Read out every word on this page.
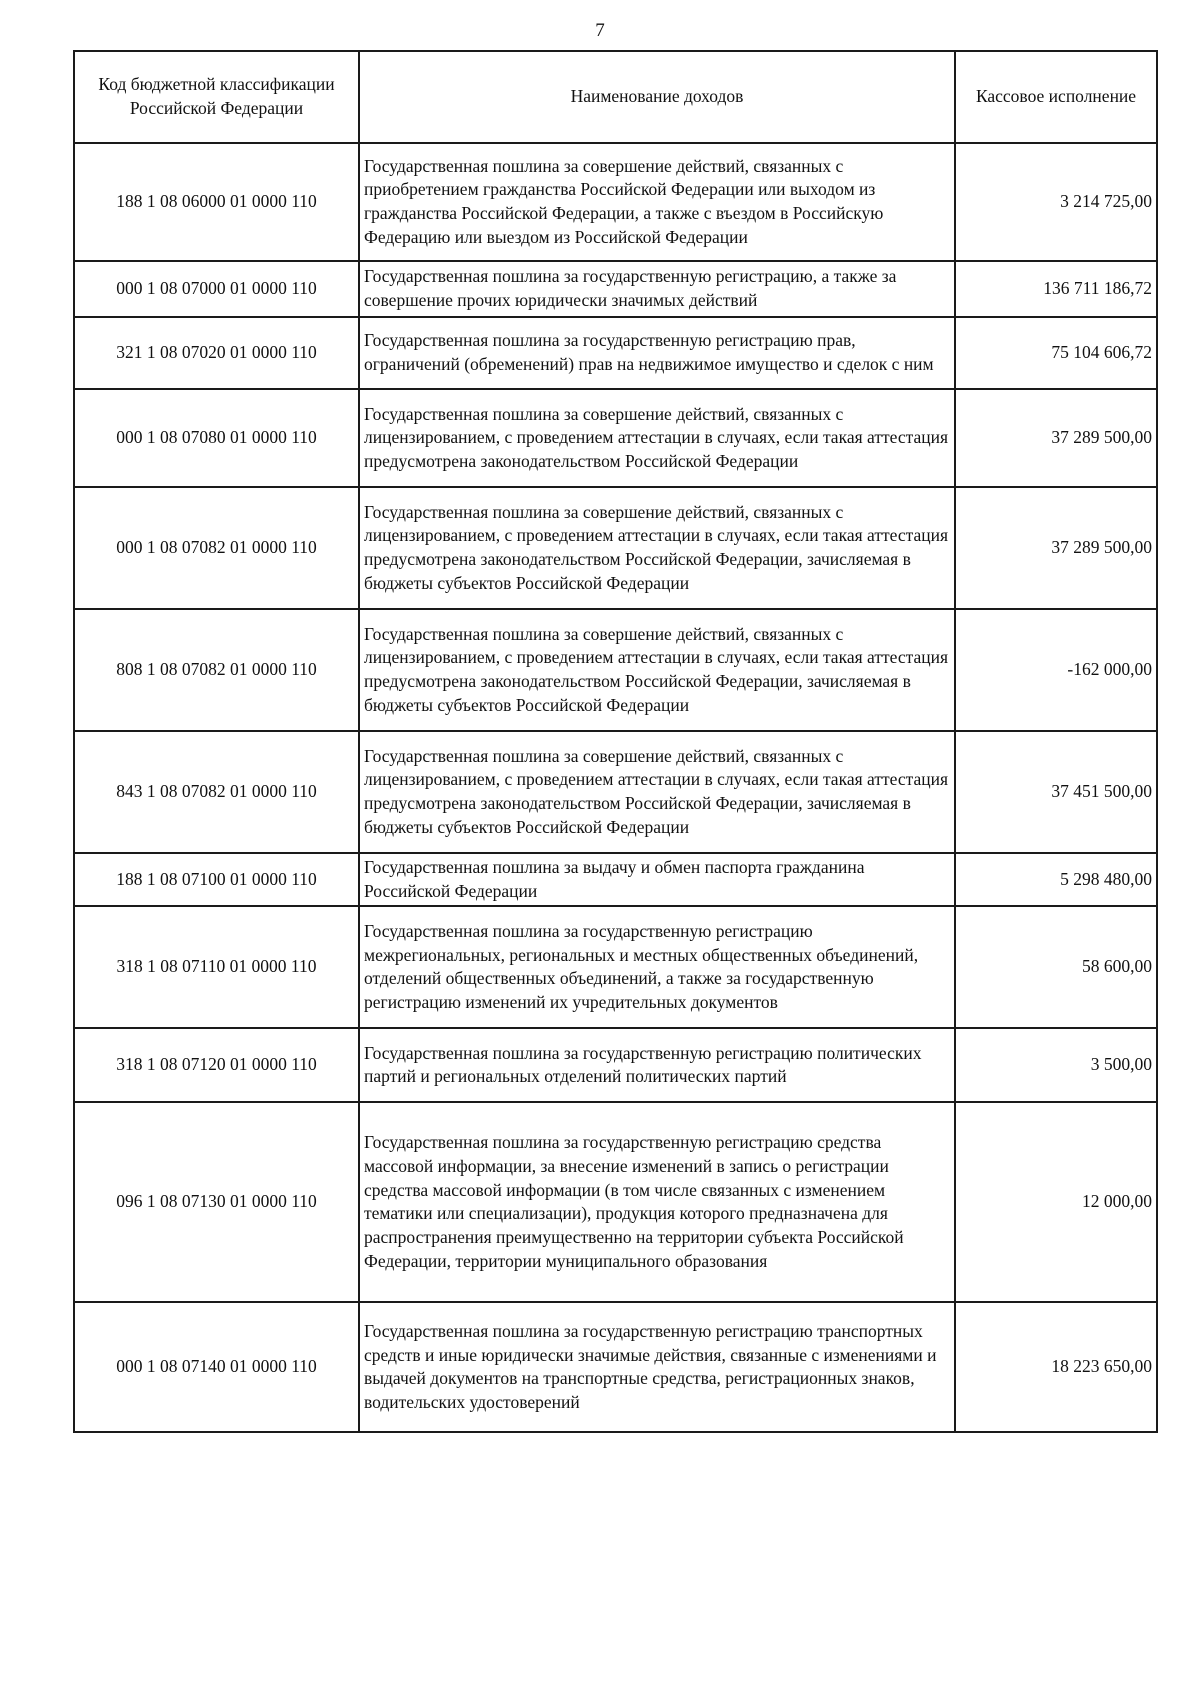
7
Код бюджетной классификации Российской Федерации	Наименование доходов	Кассовое исполнение
188 1 08 06000 01 0000 110	Государственная пошлина за совершение действий, связанных с приобретением гражданства Российской Федерации или выходом из гражданства Российской Федерации, а также с въездом в Российскую Федерацию или выездом из Российской Федерации	3 214 725,00
000 1 08 07000 01 0000 110	Государственная пошлина за государственную регистрацию, а также за совершение прочих юридически значимых действий	136 711 186,72
321 1 08 07020 01 0000 110	Государственная пошлина за государственную регистрацию прав, ограничений (обременений) прав на недвижимое имущество и сделок с ним	75 104 606,72
000 1 08 07080 01 0000 110	Государственная пошлина за совершение действий, связанных с лицензированием, с проведением аттестации в случаях, если такая аттестация предусмотрена законодательством Российской Федерации	37 289 500,00
000 1 08 07082 01 0000 110	Государственная пошлина за совершение действий, связанных с лицензированием, с проведением аттестации в случаях, если такая аттестация предусмотрена законодательством Российской Федерации, зачисляемая в бюджеты субъектов Российской Федерации	37 289 500,00
808 1 08 07082 01 0000 110	Государственная пошлина за совершение действий, связанных с лицензированием, с проведением аттестации в случаях, если такая аттестация предусмотрена законодательством Российской Федерации, зачисляемая в бюджеты субъектов Российской Федерации	-162 000,00
843 1 08 07082 01 0000 110	Государственная пошлина за совершение действий, связанных с лицензированием, с проведением аттестации в случаях, если такая аттестация предусмотрена законодательством Российской Федерации, зачисляемая в бюджеты субъектов Российской Федерации	37 451 500,00
188 1 08 07100 01 0000 110	Государственная пошлина за выдачу и обмен паспорта гражданина Российской Федерации	5 298 480,00
318 1 08 07110 01 0000 110	Государственная пошлина за государственную регистрацию межрегиональных, региональных и местных общественных объединений, отделений общественных объединений, а также за государственную регистрацию изменений их учредительных документов	58 600,00
318 1 08 07120 01 0000 110	Государственная пошлина за государственную регистрацию политических партий и региональных отделений политических партий	3 500,00
096 1 08 07130 01 0000 110	Государственная пошлина за государственную регистрацию средства массовой информации, за внесение изменений в запись о регистрации средства массовой информации (в том числе связанных с изменением тематики или специализации), продукция которого предназначена для распространения преимущественно на территории субъекта Российской Федерации, территории муниципального образования	12 000,00
000 1 08 07140 01 0000 110	Государственная пошлина за государственную регистрацию транспортных средств и иные юридически значимые действия, связанные с изменениями и выдачей документов на транспортные средства, регистрационных знаков, водительских удостоверений	18 223 650,00
